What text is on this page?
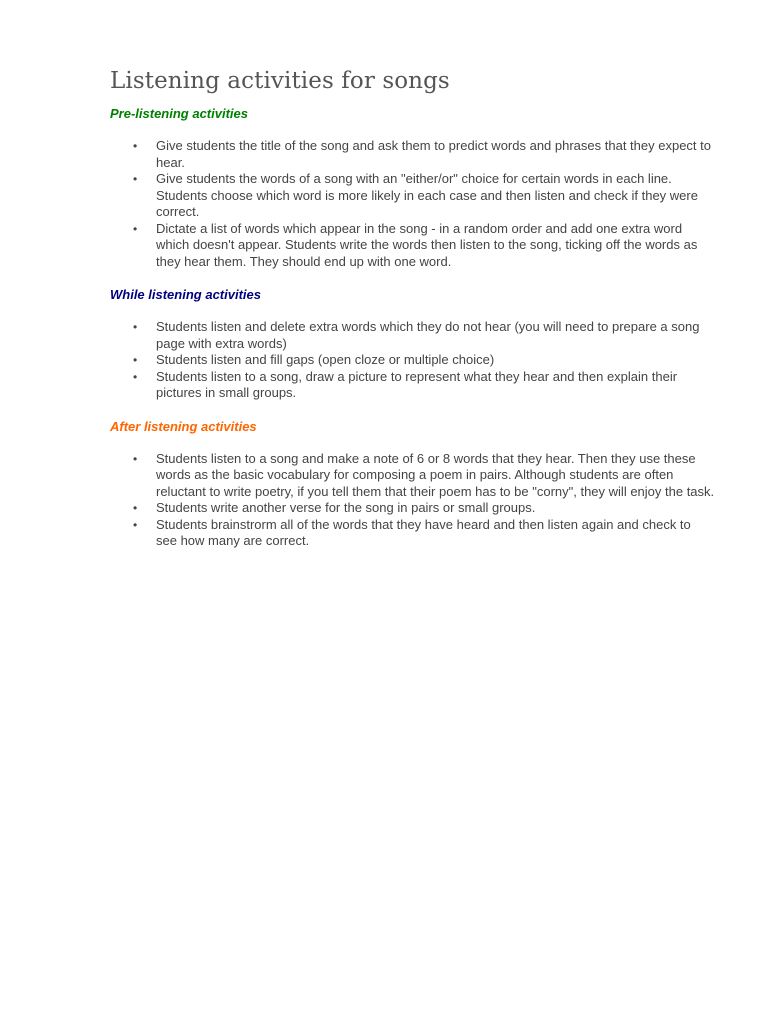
Listening activities for songs
Pre-listening activities
• Give students the title of the song and ask them to predict words and phrases that they expect to hear.
• Give students the words of a song with an "either/or" choice for certain words in each line. Students choose which word is more likely in each case and then listen and check if they were correct.
• Dictate a list of words which appear in the song - in a random order and add one extra word which doesn't appear. Students write the words then listen to the song, ticking off the words as they hear them. They should end up with one word.
While listening activities
• Students listen and delete extra words which they do not hear (you will need to prepare a song page with extra words)
• Students listen and fill gaps (open cloze or multiple choice)
• Students listen to a song, draw a picture to represent what they hear and then explain their pictures in small groups.
After listening activities
• Students listen to a song and make a note of 6 or 8 words that they hear. Then they use these words as the basic vocabulary for composing a poem in pairs. Although students are often reluctant to write poetry, if you tell them that their poem has to be "corny", they will enjoy the task.
• Students write another verse for the song in pairs or small groups.
• Students brainstrorm all of the words that they have heard and then listen again and check to see how many are correct.
